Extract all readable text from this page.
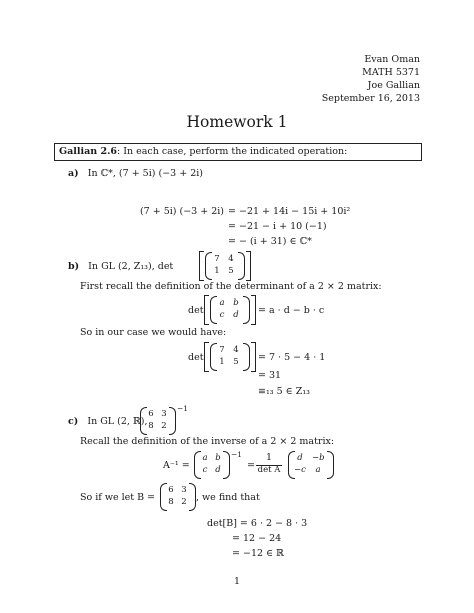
Evan Oman
MATH 5371
Joe Gallian
September 16, 2013
Homework 1
Gallian 2.6: In each case, perform the indicated operation:
a) In ℂ*, (7 + 5i) (−3 + 2i)
(7 + 5i) (−3 + 2i) = −21 + 14i − 15i + 10i²
= −21 − i + 10 (−1)
= − (i + 31) ∈ ℂ*
b) In GL (2, Z₁₃), det
7	4
1	5
First recall the definition of the determinant of a 2 × 2 matrix:
det
a	b
c	d	= a · d − b · c
So in our case we would have:
det
7	4
1	5	= 7 · 5 − 4 · 1
= 31
≡₁₃ 5 ∈ Z₁₃
c) In GL (2, ℝ),
6 3
8 2
−1
Recall the definition of the inverse of a 2 × 2 matrix:
A⁻¹ =
a b
c d
−1
=
1
det A
d	−b
−c	a
So if we let B =
6 3
8 2 , we find that
det[B] = 6 · 2 − 8 · 3
= 12 − 24
= −12 ∈ ℝ
1
